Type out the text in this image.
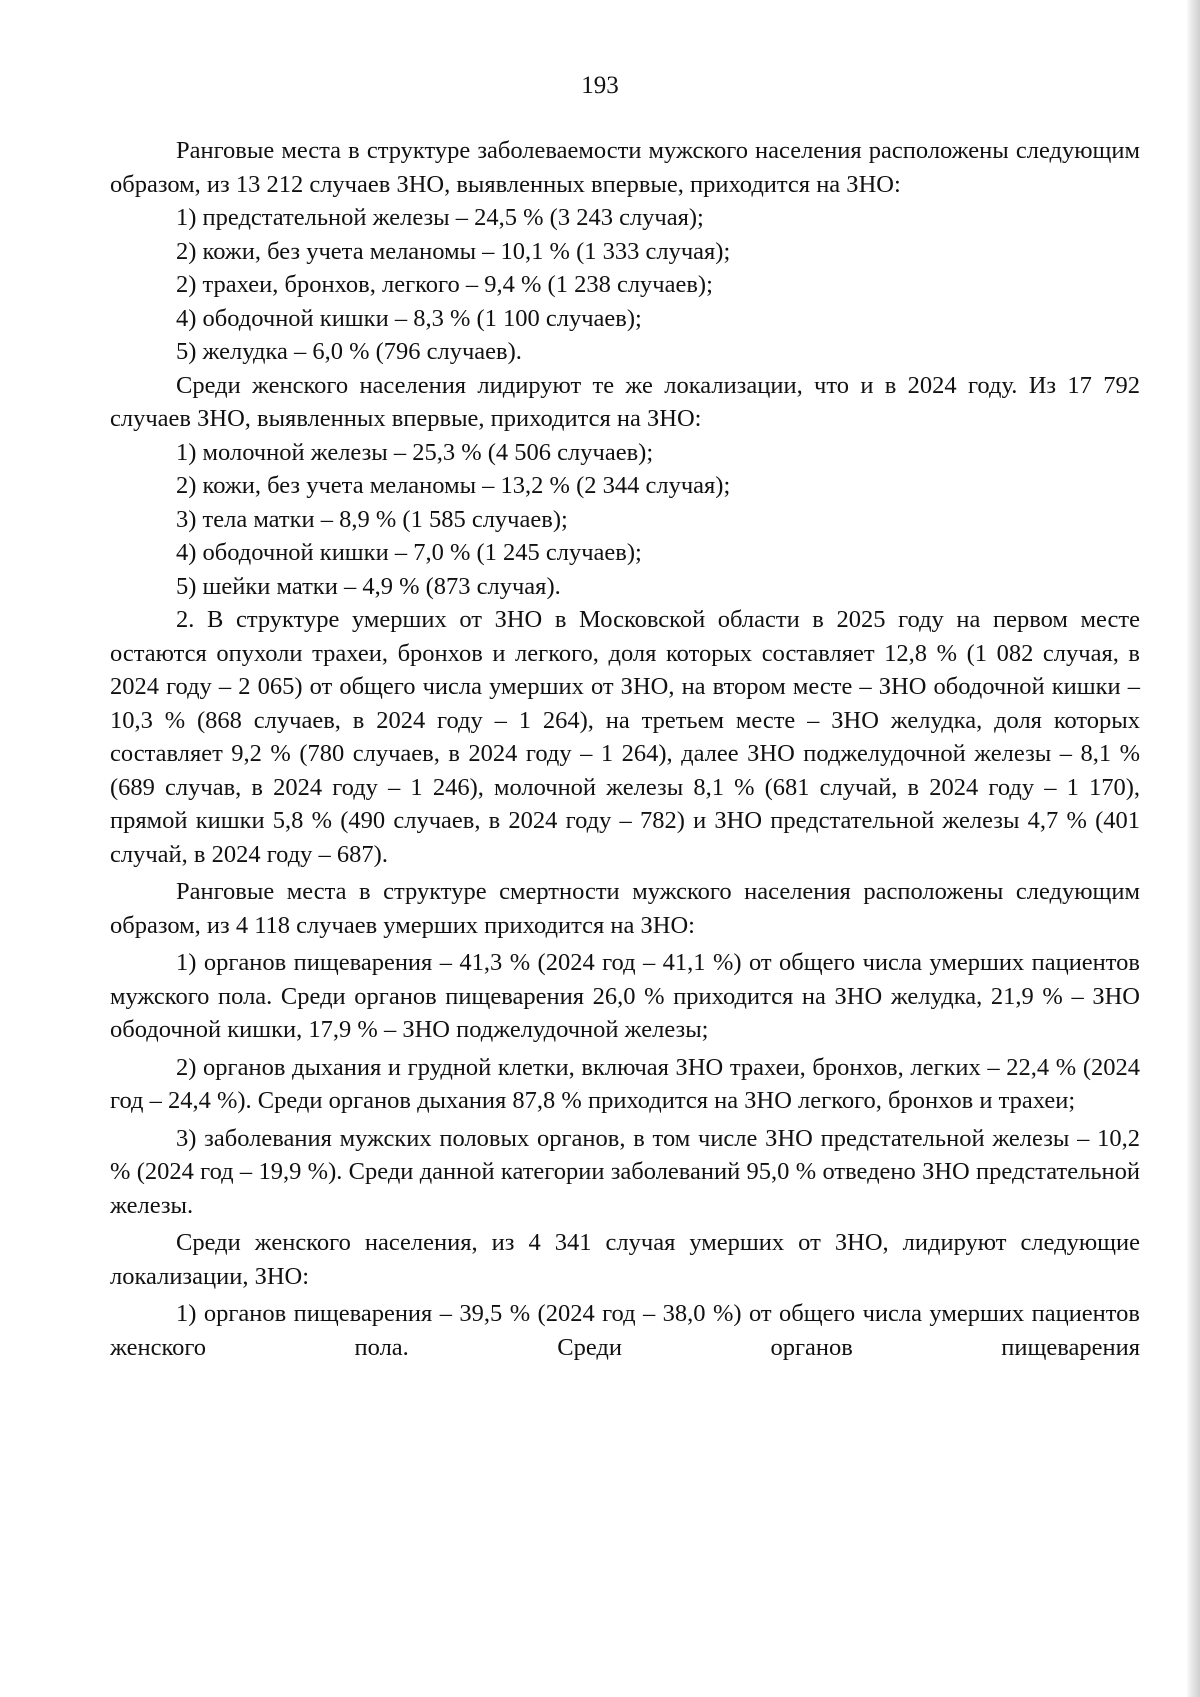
193

Ранговые места в структуре заболеваемости мужского населения расположены следующим образом, из 13 212 случаев ЗНО, выявленных впервые, приходится на ЗНО:

1) предстательной железы – 24,5 % (3 243 случая);

2) кожи, без учета меланомы – 10,1 % (1 333 случая);

2) трахеи, бронхов, легкого – 9,4 % (1 238 случаев);

4) ободочной кишки – 8,3 % (1 100 случаев);

5) желудка – 6,0 % (796 случаев).

Среди женского населения лидируют те же локализации, что и в 2024 году. Из 17 792 случаев ЗНО, выявленных впервые, приходится на ЗНО:

1) молочной железы – 25,3 % (4 506 случаев);

2) кожи, без учета меланомы – 13,2 % (2 344 случая);

3) тела матки – 8,9 % (1 585 случаев);

4) ободочной кишки – 7,0 % (1 245 случаев);

5) шейки матки – 4,9 % (873 случая).

2. В структуре умерших от ЗНО в Московской области в 2025 году на первом месте остаются опухоли трахеи, бронхов и легкого, доля которых составляет 12,8 % (1 082 случая, в 2024 году – 2 065) от общего числа умерших от ЗНО, на втором месте – ЗНО ободочной кишки – 10,3 % (868 случаев, в 2024 году – 1 264), на третьем месте – ЗНО желудка, доля которых составляет 9,2 % (780 случаев, в 2024 году – 1 264), далее ЗНО поджелудочной железы – 8,1 % (689 случав, в 2024 году – 1 246), молочной железы 8,1 % (681 случай, в 2024 году – 1 170), прямой кишки 5,8 % (490 случаев, в 2024 году – 782) и ЗНО предстательной железы 4,7 % (401 случай, в 2024 году – 687).

Ранговые места в структуре смертности мужского населения расположены следующим образом, из 4 118 случаев умерших приходится на ЗНО:

1) органов пищеварения – 41,3 % (2024 год – 41,1 %) от общего числа умерших пациентов мужского пола. Среди органов пищеварения 26,0 % приходится на ЗНО желудка, 21,9 % – ЗНО ободочной кишки, 17,9 % – ЗНО поджелудочной железы;

2) органов дыхания и грудной клетки, включая ЗНО трахеи, бронхов, легких – 22,4 % (2024 год – 24,4 %). Среди органов дыхания 87,8 % приходится на ЗНО легкого, бронхов и трахеи;

3) заболевания мужских половых органов, в том числе ЗНО предстательной железы – 10,2 % (2024 год – 19,9 %). Среди данной категории заболеваний 95,0 % отведено ЗНО предстательной железы.

Среди женского населения, из 4 341 случая умерших от ЗНО, лидируют следующие локализации, ЗНО:

1) органов пищеварения – 39,5 % (2024 год – 38,0 %) от общего числа умерших пациентов женского пола. Среди органов пищеварения
